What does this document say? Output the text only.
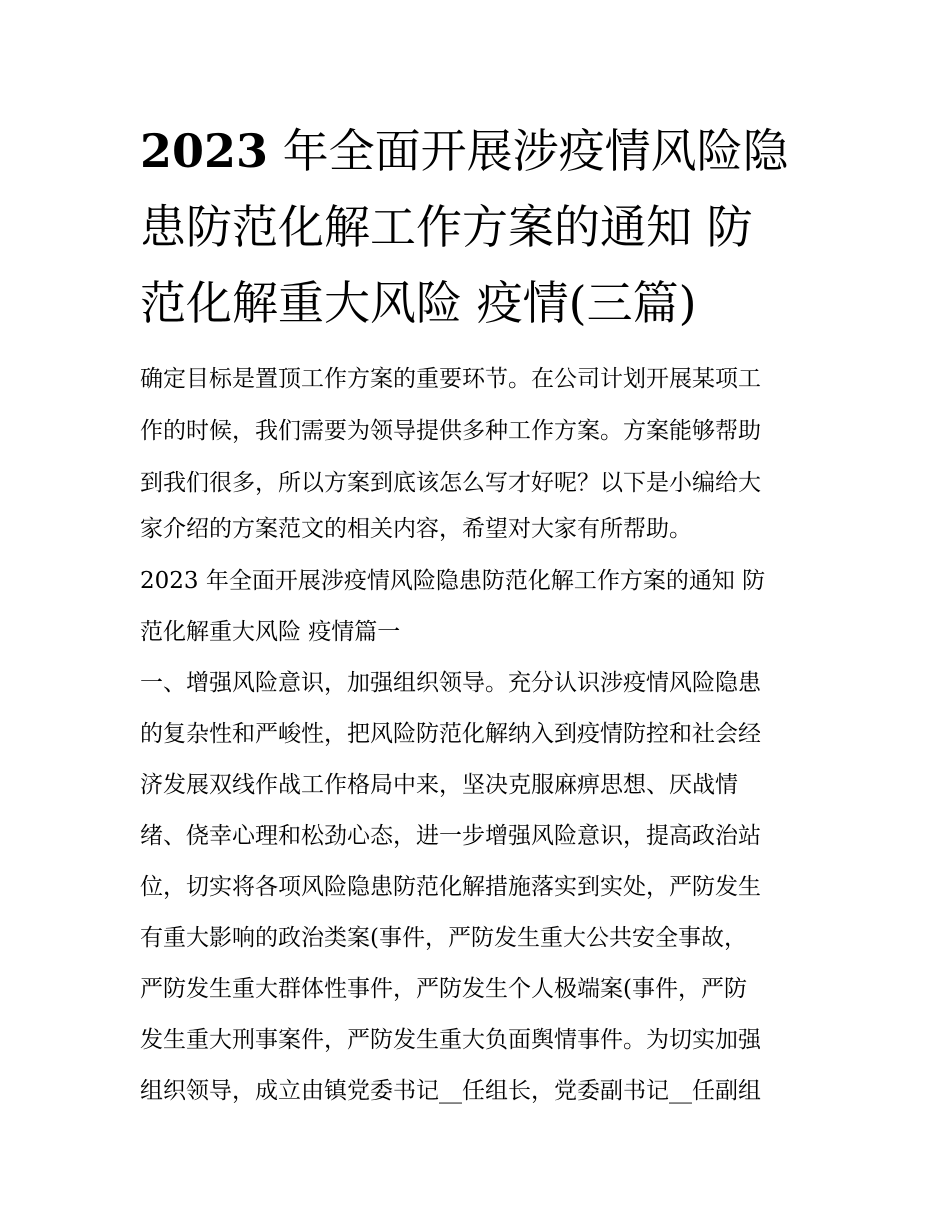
2023 年全面开展涉疫情风险隐
患防范化解工作方案的通知 防
范化解重大风险 疫情(三篇)
确定目标是置顶工作方案的重要环节。在公司计划开展某项工
作的时候，我们需要为领导提供多种工作方案。方案能够帮助
到我们很多，所以方案到底该怎么写才好呢？以下是小编给大
家介绍的方案范文的相关内容，希望对大家有所帮助。
2023 年全面开展涉疫情风险隐患防范化解工作方案的通知 防
范化解重大风险 疫情篇一
一、增强风险意识，加强组织领导。充分认识涉疫情风险隐患
的复杂性和严峻性，把风险防范化解纳入到疫情防控和社会经
济发展双线作战工作格局中来，坚决克服麻痹思想、厌战情
绪、侥幸心理和松劲心态，进一步增强风险意识，提高政治站
位，切实将各项风险隐患防范化解措施落实到实处，严防发生
有重大影响的政治类案(事件，严防发生重大公共安全事故，
严防发生重大群体性事件，严防发生个人极端案(事件，严防
发生重大刑事案件，严防发生重大负面舆情事件。为切实加强
组织领导，成立由镇党委书记__任组长，党委副书记__任副组
